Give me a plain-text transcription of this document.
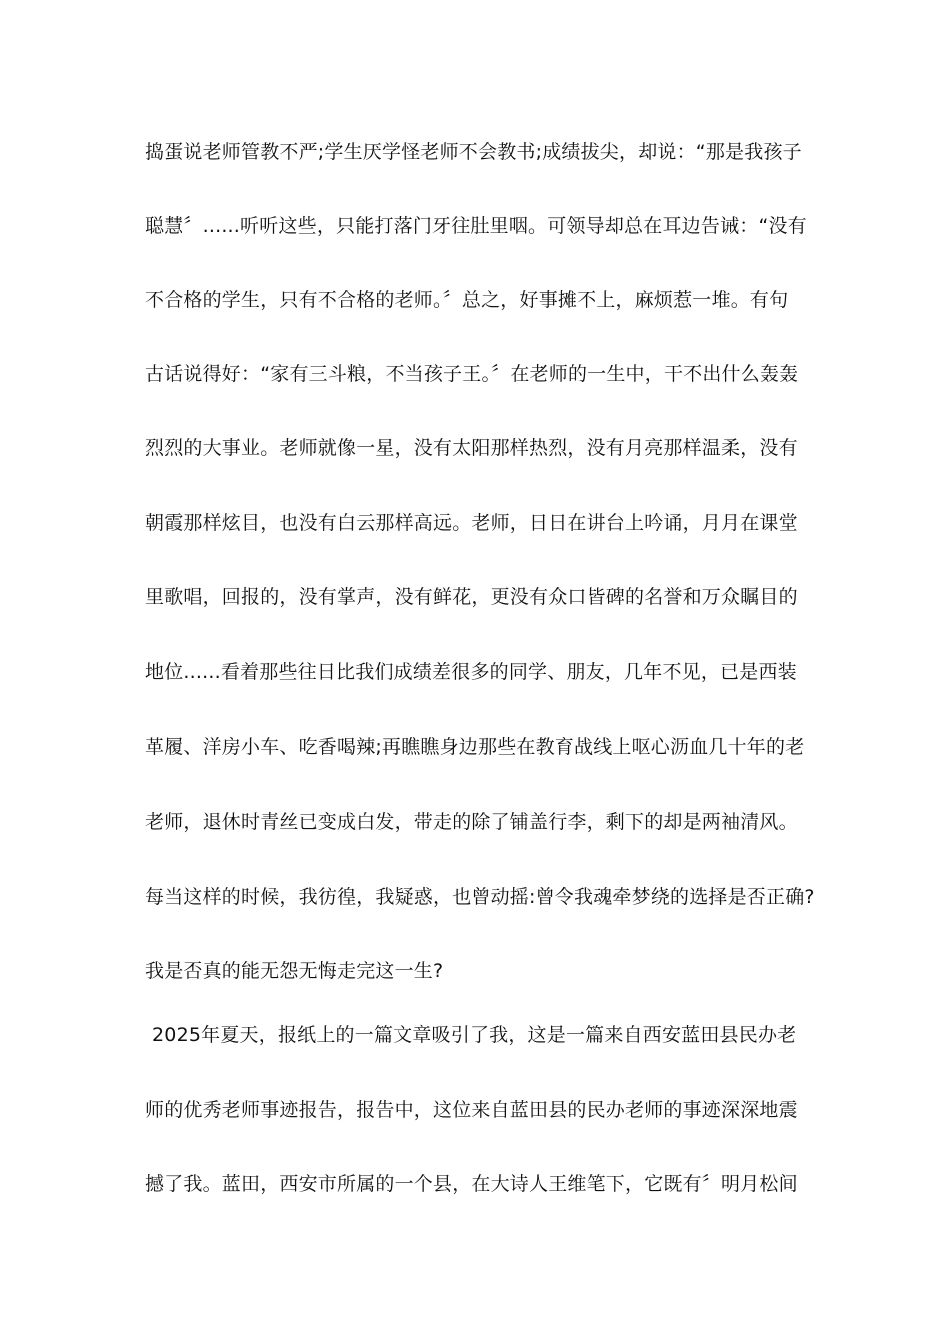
捣蛋说老师管教不严;学生厌学怪老师不会教书;成绩拔尖，却说：“那是我孩子
聪慧〞......听听这些，只能打落门牙往肚里咽。可领导却总在耳边告诫：“没有
不合格的学生，只有不合格的老师。〞总之，好事摊不上，麻烦惹一堆。有句
古话说得好：“家有三斗粮，不当孩子王。〞在老师的一生中，干不出什么轰轰
烈烈的大事业。老师就像一星，没有太阳那样热烈，没有月亮那样温柔，没有
朝霞那样炫目，也没有白云那样高远。老师，日日在讲台上吟诵，月月在课堂
里歌唱，回报的，没有掌声，没有鲜花，更没有众口皆碑的名誉和万众瞩目的
地位......看着那些往日比我们成绩差很多的同学、朋友，几年不见，已是西装
革履、洋房小车、吃香喝辣;再瞧瞧身边那些在教育战线上呕心沥血几十年的老
老师，退休时青丝已变成白发，带走的除了铺盖行李，剩下的却是两袖清风。
每当这样的时候，我彷徨，我疑惑，也曾动摇:曾令我魂牵梦绕的选择是否正确?
我是否真的能无怨无悔走完这一生?
2025年夏天，报纸上的一篇文章吸引了我，这是一篇来自西安蓝田县民办老
师的优秀老师事迹报告，报告中，这位来自蓝田县的民办老师的事迹深深地震
撼了我。蓝田，西安市所属的一个县，在大诗人王维笔下，它既有〞明月松间
